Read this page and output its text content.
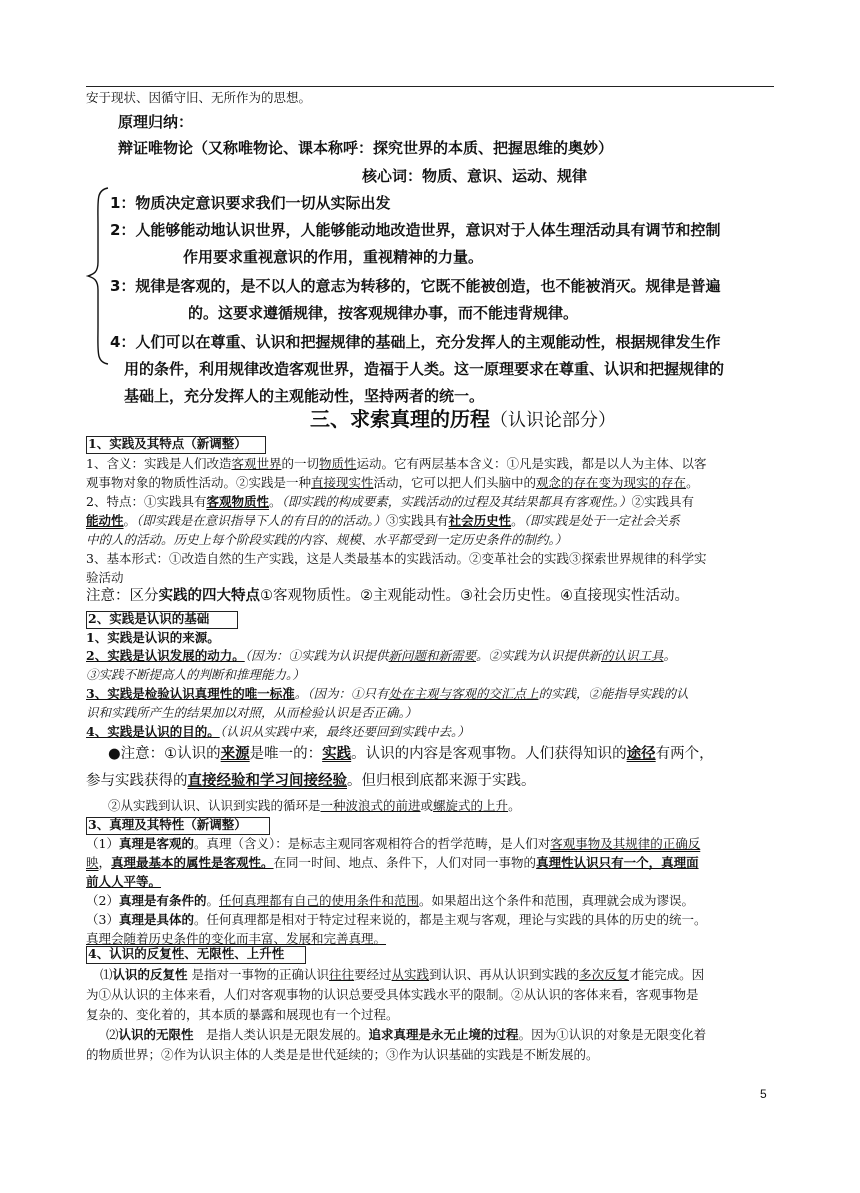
安于现状、因循守旧、无所作为的思想。
原理归纳：
辩证唯物论（又称唯物论、课本称呼：探究世界的本质、把握思维的奥妙）
核心词：物质、意识、运动、规律
1：物质决定意识要求我们一切从实际出发
2：人能够能动地认识世界，人能够能动地改造世界，意识对于人体生理活动具有调节和控制
作用要求重视意识的作用，重视精神的力量。
3：规律是客观的，是不以人的意志为转移的，它既不能被创造，也不能被消灭。规律是普遍
的。这要求遵循规律，按客观规律办事，而不能违背规律。
4：人们可以在尊重、认识和把握规律的基础上，充分发挥人的主观能动性，根据规律发生作
用的条件，利用规律改造客观世界，造福于人类。这一原理要求在尊重、认识和把握规律的
基础上，充分发挥人的主观能动性，坚持两者的统一。
三、求索真理的历程（认识论部分）
1、实践及其特点（新调整）
1、含义：实践是人们改造客观世界的一切物质性运动。它有两层基本含义：①凡是实践，都是以人为主体、以客
观事物对象的物质性活动。②实践是一种直接现实性活动，它可以把人们头脑中的观念的存在变为现实的存在。
2、特点：①实践具有客观物质性。（即实践的构成要素，实践活动的过程及其结果都具有客观性。）②实践具有
能动性。（即实践是在意识指导下人的有目的的活动。）③实践具有社会历史性。（即实践是处于一定社会关系
中的人的活动。历史上每个阶段实践的内容、规模、水平都受到一定历史条件的制约。）
3、基本形式：①改造自然的生产实践，这是人类最基本的实践活动。②变革社会的实践③探索世界规律的科学实
验活动
注意：区分实践的四大特点①客观物质性。②主观能动性。③社会历史性。④直接现实性活动。
2、实践是认识的基础
1、实践是认识的来源。
2、实践是认识发展的动力。（因为：①实践为认识提供新问题和新需要。②实践为认识提供新的认识工具。
③实践不断提高人的判断和推理能力。）
3、实践是检验认识真理性的唯一标准。（因为：①只有处在主观与客观的交汇点上的实践，②能指导实践的认
识和实践所产生的结果加以对照，从而检验认识是否正确。）
4、实践是认识的目的。（认识从实践中来，最终还要回到实践中去。）
●注意：①认识的来源是唯一的：实践。认识的内容是客观事物。人们获得知识的途径有两个，
参与实践获得的直接经验和学习间接经验。但归根到底都来源于实践。
②从实践到认识、认识到实践的循环是一种波浪式的前进或螺旋式的上升。
3、真理及其特性（新调整）
（1）真理是客观的。真理（含义）：是标志主观同客观相符合的哲学范畴，是人们对客观事物及其规律的正确反
映，真理最基本的属性是客观性。在同一时间、地点、条件下，人们对同一事物的真理性认识只有一个，真理面
前人人平等。
（2）真理是有条件的。任何真理都有自己的使用条件和范围。如果超出这个条件和范围，真理就会成为谬误。
（3）真理是具体的。任何真理都是相对于特定过程来说的，都是主观与客观，理论与实践的具体的历史的统一。
真理会随着历史条件的变化而丰富、发展和完善真理。
4、认识的反复性、无限性、上升性
⑴认识的反复性 是指对一事物的正确认识往往要经过从实践到认识、再从认识到实践的多次反复才能完成。因
为①从认识的主体来看，人们对客观事物的认识总要受具体实践水平的限制。②从认识的客体来看，客观事物是
复杂的、变化着的，其本质的暴露和展现也有一个过程。
⑵认识的无限性　是指人类认识是无限发展的。追求真理是永无止境的过程。因为①认识的对象是无限变化着
的物质世界；②作为认识主体的人类是是世代延续的；③作为认识基础的实践是不断发展的。
5
